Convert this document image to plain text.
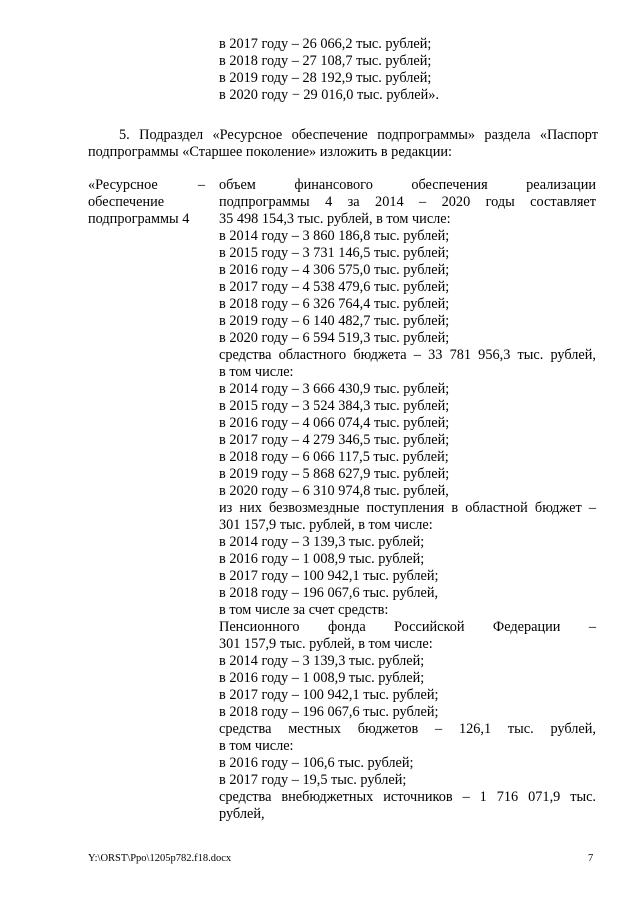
в 2017 году – 26 066,2 тыс. рублей;
в 2018 году – 27 108,7 тыс. рублей;
в 2019 году – 28 192,9 тыс. рублей;
в 2020 году − 29 016,0 тыс. рублей».
5. Подраздел «Ресурсное обеспечение подпрограммы» раздела «Паспорт
подпрограммы «Старшее поколение» изложить в редакции:
«Ресурсное	–
обеспечение
подпрограммы 4
объем финансового обеспечения реализации
подпрограммы 4 за 2014 – 2020 годы составляет
35 498 154,3 тыс. рублей, в том числе:
в 2014 году – 3 860 186,8 тыс. рублей;
в 2015 году – 3 731 146,5 тыс. рублей;
в 2016 году – 4 306 575,0 тыс. рублей;
в 2017 году – 4 538 479,6 тыс. рублей;
в 2018 году – 6 326 764,4 тыс. рублей;
в 2019 году – 6 140 482,7 тыс. рублей;
в 2020 году – 6 594 519,3 тыс. рублей;
средства областного бюджета – 33 781 956,3 тыс. рублей,
в том числе:
в 2014 году – 3 666 430,9 тыс. рублей;
в 2015 году – 3 524 384,3 тыс. рублей;
в 2016 году – 4 066 074,4 тыс. рублей;
в 2017 году – 4 279 346,5 тыс. рублей;
в 2018 году – 6 066 117,5 тыс. рублей;
в 2019 году – 5 868 627,9 тыс. рублей;
в 2020 году – 6 310 974,8 тыс. рублей,
из них безвозмездные поступления в областной бюджет –
301 157,9 тыс. рублей, в том числе:
в 2014 году – 3 139,3 тыс. рублей;
в 2016 году – 1 008,9 тыс. рублей;
в 2017 году – 100 942,1 тыс. рублей;
в 2018 году – 196 067,6 тыс. рублей,
в том числе за счет средств:
Пенсионного фонда Российской Федерации –
301 157,9 тыс. рублей, в том числе:
в 2014 году – 3 139,3 тыс. рублей;
в 2016 году – 1 008,9 тыс. рублей;
в 2017 году – 100 942,1 тыс. рублей;
в 2018 году – 196 067,6 тыс. рублей;
средства местных бюджетов – 126,1 тыс. рублей,
в том числе:
в 2016 году – 106,6 тыс. рублей;
в 2017 году – 19,5 тыс. рублей;
средства внебюджетных источников – 1 716 071,9 тыс. рублей,
Y:\ORST\Ppo\1205p782.f18.docx	7
